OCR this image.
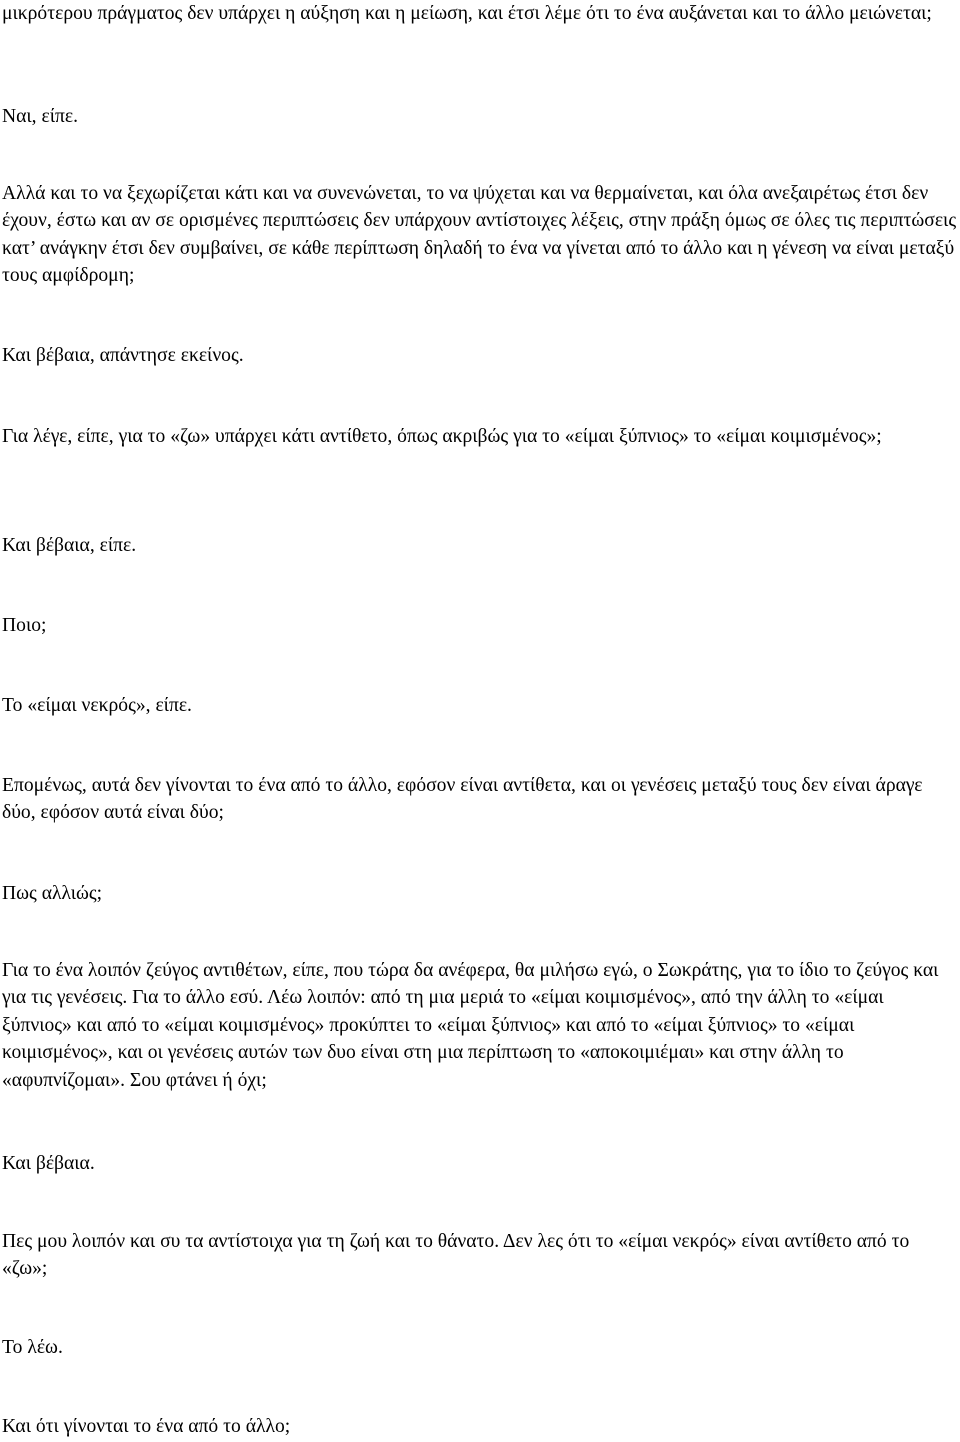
μικρότερου πράγματος δεν υπάρχει η αύξηση και η μείωση, και έτσι λέμε ότι το ένα αυξάνεται και το άλλο μειώνεται;

Ναι, είπε.

Αλλά και το να ξεχωρίζεται κάτι και να συνενώνεται, το να ψύχεται και να θερμαίνεται, και όλα ανεξαιρέτως έτσι δεν έχουν, έστω και αν σε ορισμένες περιπτώσεις δεν υπάρχουν αντίστοιχες λέξεις, στην πράξη όμως σε όλες τις περιπτώσεις κατ’ ανάγκην έτσι δεν συμβαίνει, σε κάθε περίπτωση δηλαδή το ένα να γίνεται από το άλλο και η γένεση να είναι μεταξύ τους αμφίδρομη;

Και βέβαια, απάντησε εκείνος.

Για λέγε, είπε, για το «ζω» υπάρχει κάτι αντίθετο, όπως ακριβώς για το «είμαι ξύπνιος» το «είμαι κοιμισμένος»;

Και βέβαια, είπε.

Ποιο;

Το «είμαι νεκρός», είπε.

Επομένως, αυτά δεν γίνονται το ένα από το άλλο, εφόσον είναι αντίθετα, και οι γενέσεις μεταξύ τους δεν είναι άραγε δύο, εφόσον αυτά είναι δύο;

Πως αλλιώς;

Για το ένα λοιπόν ζεύγος αντιθέτων, είπε, που τώρα δα ανέφερα, θα μιλήσω εγώ, ο Σωκράτης, για το ίδιο το ζεύγος και για τις γενέσεις. Για το άλλο εσύ. Λέω λοιπόν: από τη μια μεριά το «είμαι κοιμισμένος», από την άλλη το «είμαι ξύπνιος» και από το «είμαι κοιμισμένος» προκύπτει το «είμαι ξύπνιος» και από το «είμαι ξύπνιος» το «είμαι κοιμισμένος», και οι γενέσεις αυτών των δυο είναι στη μια περίπτωση το «αποκοιμιέμαι» και στην άλλη το «αφυπνίζομαι». Σου φτάνει ή όχι;

Και βέβαια.

Πες μου λοιπόν και συ τα αντίστοιχα για τη ζωή και το θάνατο. Δεν λες ότι το «είμαι νεκρός» είναι αντίθετο από το «ζω»;

Το λέω.

Και ότι γίνονται το ένα από το άλλο;
